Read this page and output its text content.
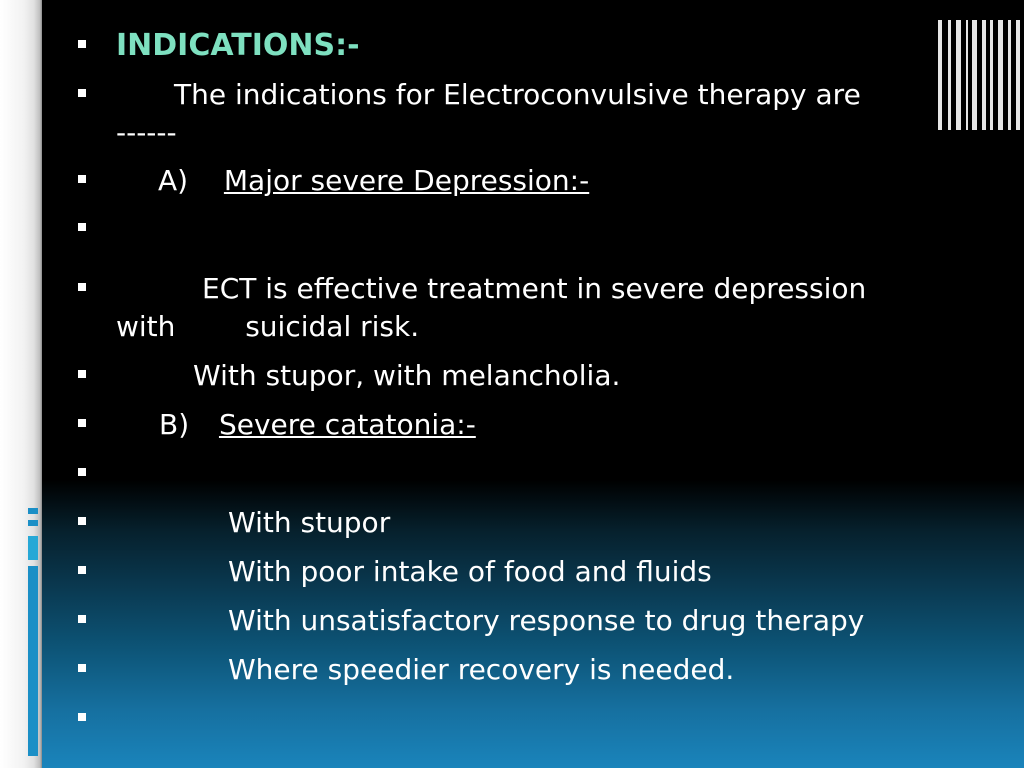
INDICATIONS:-
The indications for Electroconvulsive therapy are
------
A) Major severe Depression:-
ECT is effective treatment in severe depression
with suicidal risk.
With stupor, with melancholia.
B) Severe catatonia:-
With stupor
With poor intake of food and fluids
With unsatisfactory response to drug therapy
Where speedier recovery is needed.
